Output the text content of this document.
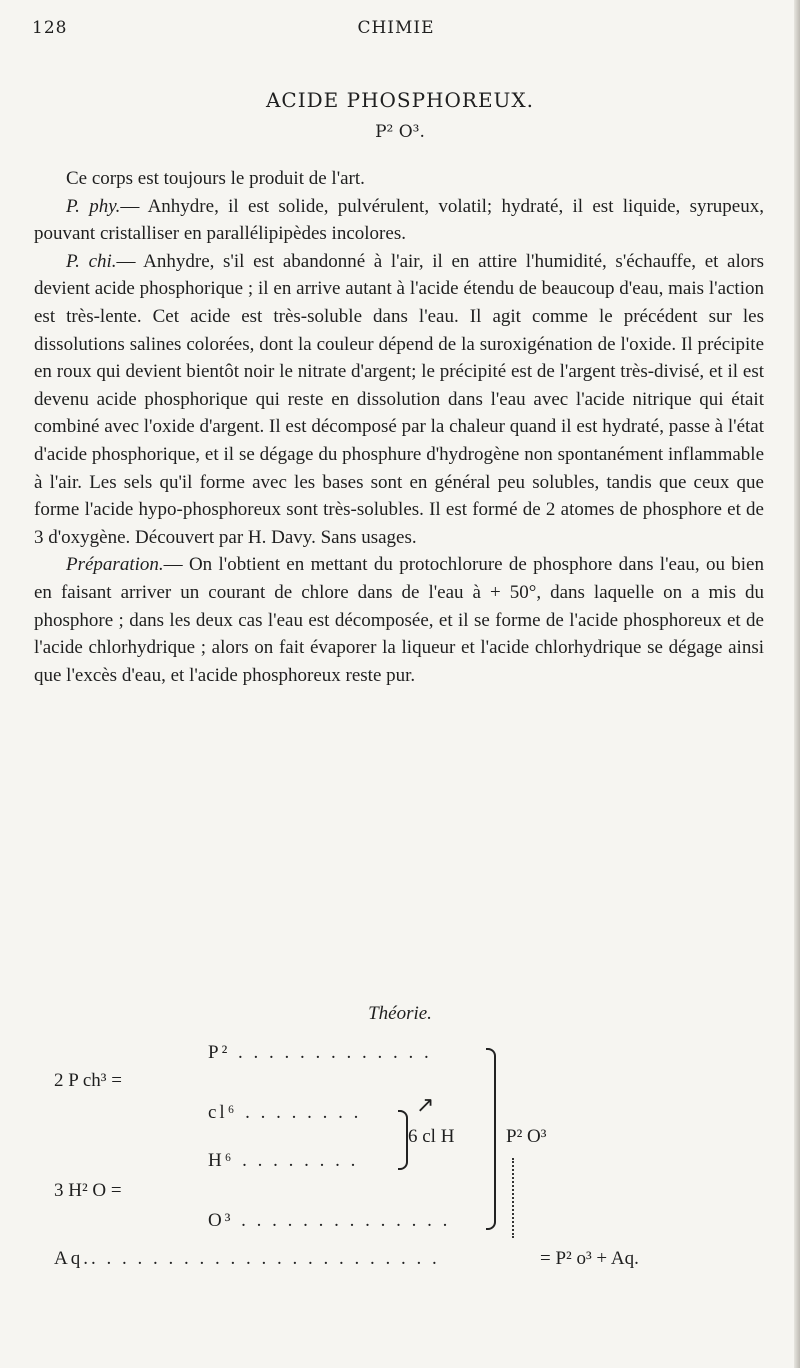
128	CHIMIE
ACIDE PHOSPHOREUX.
P² O³.

Ce corps est toujours le produit de l'art.

P. phy.— Anhydre, il est solide, pulvérulent, volatil; hydraté, il est liquide, syrupeux, pouvant cristalliser en parallélipipèdes incolores.

P. chi.— Anhydre, s'il est abandonné à l'air, il en attire l'humidité, s'échauffe, et alors devient acide phosphorique ; il en arrive autant à l'acide étendu de beaucoup d'eau, mais l'action est très-lente. Cet acide est très-soluble dans l'eau. Il agit comme le précédent sur les dissolutions salines colorées, dont la couleur dépend de la suroxigénation de l'oxide. Il précipite en roux qui devient bientôt noir le nitrate d'argent; le précipité est de l'argent très-divisé, et il est devenu acide phosphorique qui reste en dissolution dans l'eau avec l'acide nitrique qui était combiné avec l'oxide d'argent. Il est décomposé par la chaleur quand il est hydraté, passe à l'état d'acide phosphorique, et il se dégage du phosphure d'hydrogène non spontanément inflammable à l'air. Les sels qu'il forme avec les bases sont en général peu solubles, tandis que ceux que forme l'acide hypo-phosphoreux sont très-solubles. Il est formé de 2 atomes de phosphore et de 3 d'oxygène. Découvert par H. Davy. Sans usages.

Préparation.— On l'obtient en mettant du protochlorure de phosphore dans l'eau, ou bien en faisant arriver un courant de chlore dans de l'eau à + 50°, dans laquelle on a mis du phosphore ; dans les deux cas l'eau est décomposée, et il se forme de l'acide phosphoreux et de l'acide chlorhydrique ; alors on fait évaporer la liqueur et l'acide chlorhydrique se dégage ainsi que l'excès d'eau, et l'acide phosphoreux reste pur.

Théorie.
2 P ch³ =
3 H² O =
P² . . . . . . . . . . . . .
cl⁶ . . . . . . . .
H⁶ . . . . . . . .
O³ . . . . . . . . . . . . . .
6 cl H
↗
P² O³
Aq.. . . . . . . . . . . . . . . . . . . . . . .	= P² o³ + Aq.
